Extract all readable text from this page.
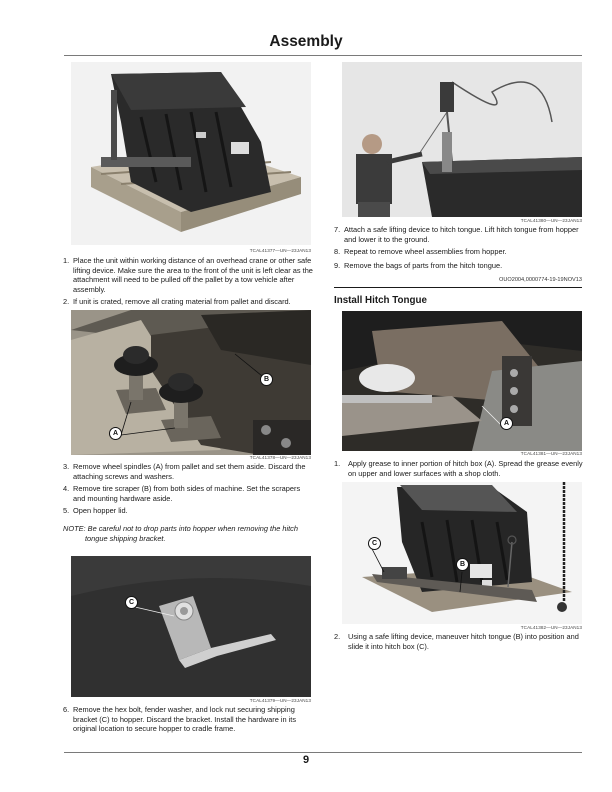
Assembly
TCAL41377—UN—23JAN13
1. Place the unit within working distance of an overhead crane or other safe lifting device. Make sure the area to the front of the unit is left clear as the attachment will need to be pulled off the pallet by a tow vehicle after assembly.
2. If unit is crated, remove all crating material from pallet and discard.
A
B
TCAL41378—UN—23JAN13
3. Remove wheel spindles (A) from pallet and set them aside. Discard the attaching screws and washers.
4. Remove tire scraper (B) from both sides of machine. Set the scrapers and mounting hardware aside.
5. Open hopper lid.
NOTE: Be careful not to drop parts into hopper when removing the hitch tongue shipping bracket.
C
TCAL41379—UN—23JAN13
6. Remove the hex bolt, fender washer, and lock nut securing shipping bracket (C) to hopper. Discard the bracket. Install the hardware in its original location to secure hopper to cradle frame.
TCAL41380—UN—23JAN13
7. Attach a safe lifting device to hitch tongue. Lift hitch tongue from hopper and lower it to the ground.
8. Repeat to remove wheel assemblies from hopper.
9. Remove the bags of parts from the hitch tongue.
OUO2004,0000774-19-19NOV13
Install Hitch Tongue
A
TCAL41381—UN—23JAN13
1. Apply grease to inner portion of hitch box (A). Spread the grease evenly on upper and lower surfaces with a shop cloth.
C
B
TCAL41382—UN—23JAN13
2. Using a safe lifting device, maneuver hitch tongue (B) into position and slide it into hitch box (C).
9
